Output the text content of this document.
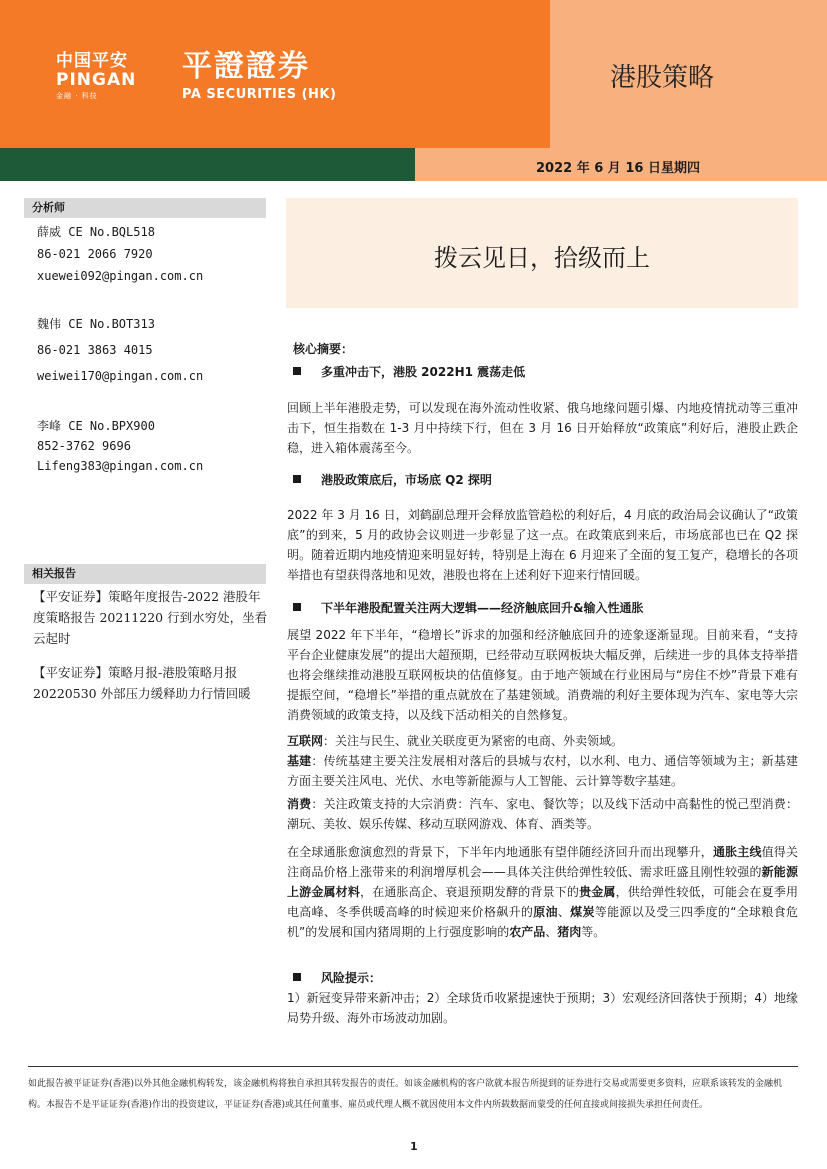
中国平安
PINGAN
金融 · 科技
平證證券
PA SECURITIES (HK)
港股策略
2022 年 6 月 16 日星期四
分析师
薛威 CE No.BQL518
86-021 2066 7920
xuewei092@pingan.com.cn
魏伟 CE No.BOT313
86-021 3863 4015
weiwei170@pingan.com.cn
李峰 CE No.BPX900
852-3762 9696
Lifeng383@pingan.com.cn
相关报告
【平安证券】策略年度报告-2022 港股年度策略报告 20211220 行到水穷处，坐看云起时
【平安证券】策略月报-港股策略月报 20220530 外部压力缓释助力行情回暖
拨云见日，拾级而上
核心摘要：
多重冲击下，港股 2022H1 震荡走低
回顾上半年港股走势，可以发现在海外流动性收紧、俄乌地缘问题引爆、内地疫情扰动等三重冲击下，恒生指数在 1-3 月中持续下行，但在 3 月 16 日开始释放“政策底”利好后，港股止跌企稳，进入箱体震荡至今。
港股政策底后，市场底 Q2 探明
2022 年 3 月 16 日，刘鹤副总理开会释放监管趋松的利好后，4 月底的政治局会议确认了“政策底”的到来，5 月的政协会议则进一步彰显了这一点。在政策底到来后，市场底部也已在 Q2 探明。随着近期内地疫情迎来明显好转，特别是上海在 6 月迎来了全面的复工复产，稳增长的各项举措也有望获得落地和见效，港股也将在上述利好下迎来行情回暖。
下半年港股配置关注两大逻辑——经济触底回升&输入性通胀
展望 2022 年下半年，“稳增长”诉求的加强和经济触底回升的迹象逐渐显现。目前来看，“支持平台企业健康发展”的提出大超预期，已经带动互联网板块大幅反弹，后续进一步的具体支持举措也将会继续推动港股互联网板块的估值修复。由于地产领域在行业困局与“房住不炒”背景下难有提振空间，“稳增长”举措的重点就放在了基建领域。消费端的利好主要体现为汽车、家电等大宗消费领域的政策支持，以及线下活动相关的自然修复。
互联网：关注与民生、就业关联度更为紧密的电商、外卖领域。
基建：传统基建主要关注发展相对落后的县城与农村，以水利、电力、通信等领域为主；新基建方面主要关注风电、光伏、水电等新能源与人工智能、云计算等数字基建。
消费：关注政策支持的大宗消费：汽车、家电、餐饮等；以及线下活动中高黏性的悦己型消费：潮玩、美妆、娱乐传媒、移动互联网游戏、体育、酒类等。
在全球通胀愈演愈烈的背景下，下半年内地通胀有望伴随经济回升而出现攀升，通胀主线值得关注商品价格上涨带来的利润增厚机会——具体关注供给弹性较低、需求旺盛且刚性较强的新能源上游金属材料，在通胀高企、衰退预期发酵的背景下的贵金属，供给弹性较低，可能会在夏季用电高峰、冬季供暖高峰的时候迎来价格飙升的原油、煤炭等能源以及受三四季度的“全球粮食危机”的发展和国内猪周期的上行强度影响的农产品、猪肉等。
风险提示：
1）新冠变异带来新冲击；2）全球货币收紧提速快于预期；3）宏观经济回落快于预期；4）地缘局势升级、海外市场波动加剧。
如此报告被平证证券(香港)以外其他金融机构转发，该金融机构将独自承担其转发报告的责任。如该金融机构的客户欲就本报告所提到的证券进行交易或需要更多资料，应联系该转发的金融机构。本报告不是平证证券(香港)作出的投资建议，平证证券(香港)或其任何董事、雇员或代理人概不就因使用本文件内所载数据而蒙受的任何直接或间接损失承担任何责任。
1
